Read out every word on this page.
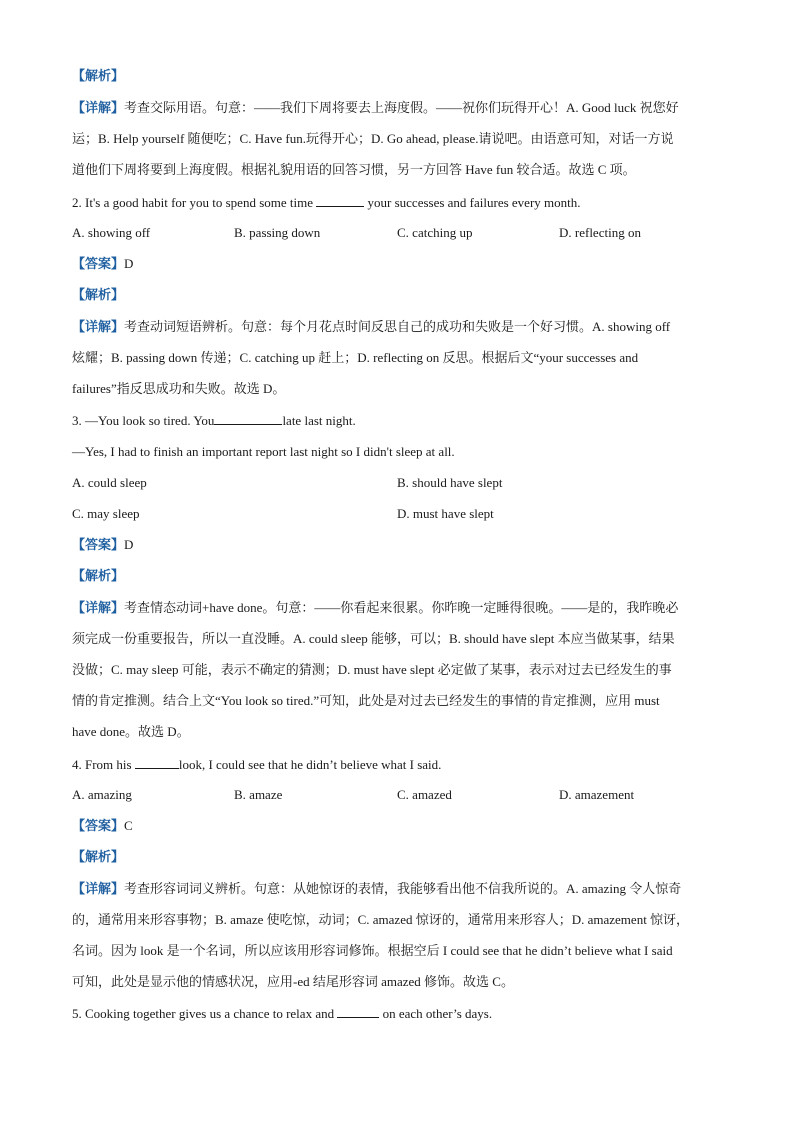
【解析】
【详解】考查交际用语。句意：——我们下周将要去上海度假。——祝你们玩得开心！A. Good luck 祝您好
运；B. Help yourself 随便吃；C. Have fun.玩得开心；D. Go ahead, please.请说吧。由语意可知，对话一方说
道他们下周将要到上海度假。根据礼貌用语的回答习惯，另一方回答 Have fun 较合适。故选 C 项。
2. It's a good habit for you to spend some time	your successes and failures every month.
A. showing off	B. passing down	C. catching up	D. reflecting on
【答案】D
【解析】
【详解】考查动词短语辨析。句意：每个月花点时间反思自己的成功和失败是一个好习惯。A. showing off
炫耀；B. passing down 传递；C. catching up 赶上；D. reflecting on 反思。根据后文“your successes and
failures”指反思成功和失败。故选 D。
3. —You look so tired. You	late last night.
—Yes, I had to finish an important report last night so I didn't sleep at all.
A. could sleep	B. should have slept
C. may sleep	D. must have slept
【答案】D
【解析】
【详解】考查情态动词+have done。句意：——你看起来很累。你昨晚一定睡得很晚。——是的，我昨晚必
须完成一份重要报告，所以一直没睡。A. could sleep 能够，可以；B. should have slept 本应当做某事，结果
没做；C. may sleep 可能，表示不确定的猜测；D. must have slept 必定做了某事，表示对过去已经发生的事
情的肯定推测。结合上文“You look so tired.”可知，此处是对过去已经发生的事情的肯定推测，应用 must
have done。故选 D。
4. From his	look, I could see that he didn’t believe what I said.
A. amazing	B. amaze	C. amazed	D. amazement
【答案】C
【解析】
【详解】考查形容词词义辨析。句意：从她惊讶的表情，我能够看出他不信我所说的。A. amazing 令人惊奇
的，通常用来形容事物；B. amaze 使吃惊，动词；C. amazed 惊讶的，通常用来形容人；D. amazement 惊讶，
名词。因为 look 是一个名词，所以应该用形容词修饰。根据空后 I could see that he didn’t believe what I said
可知，此处是显示他的情感状况，应用-ed 结尾形容词 amazed 修饰。故选 C。
5. Cooking together gives us a chance to relax and	on each other’s days.
